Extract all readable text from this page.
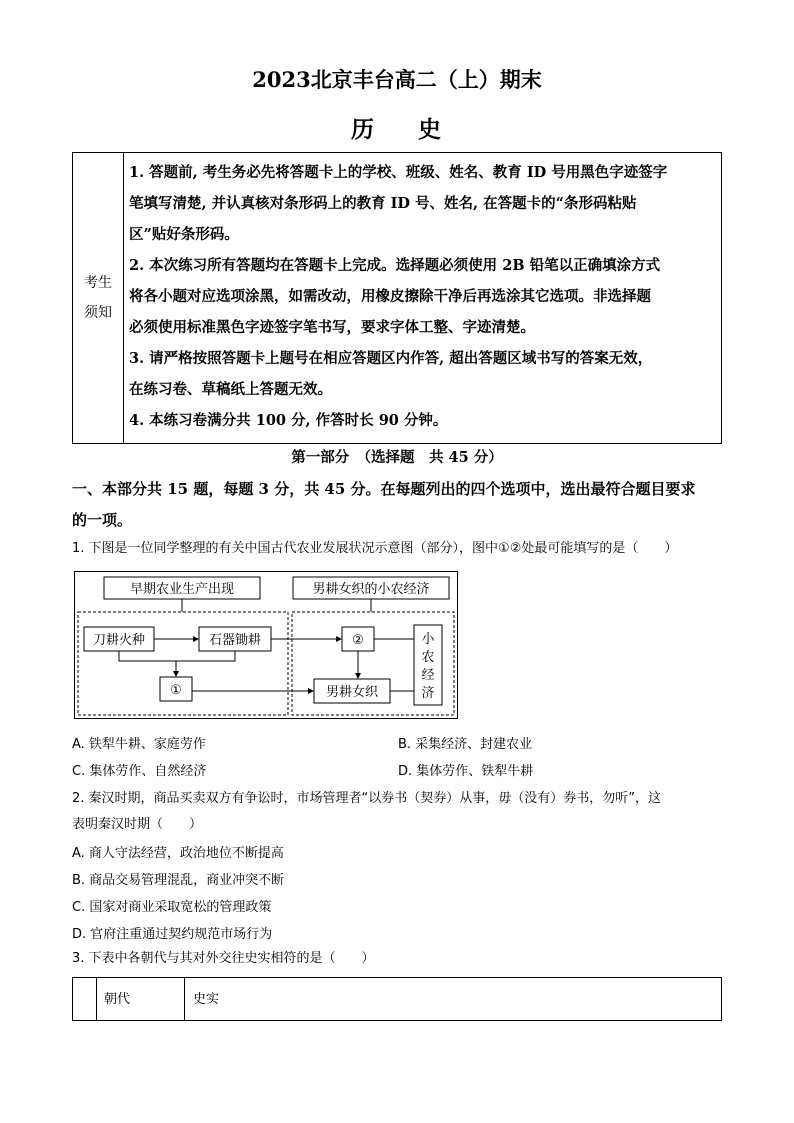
2023北京丰台高二（上）期末
历 史
考生
须知

1. 答题前, 考生务必先将答题卡上的学校、班级、姓名、教育 ID 号用黑色字迹签字

笔填写清楚, 并认真核对条形码上的教育 ID 号、姓名, 在答题卡的“条形码粘贴

区”贴好条形码。

2. 本次练习所有答题均在答题卡上完成。选择题必须使用 2B 铅笔以正确填涂方式

将各小题对应选项涂黑，如需改动，用橡皮擦除干净后再选涂其它选项。非选择题

必须使用标准黑色字迹签字笔书写，要求字体工整、字迹清楚。

3. 请严格按照答题卡上题号在相应答题区内作答, 超出答题区域书写的答案无效，

在练习卷、草稿纸上答题无效。

4. 本练习卷满分共 100 分, 作答时长 90 分钟。

第一部分　（选择题　共 45 分）
一、本部分共 15 题，每题 3 分，共 45 分。在每题列出的四个选项中，选出最符合题目要求
的一项。
1. 下图是一位同学整理的有关中国古代农业发展状况示意图（部分），图中①②处最可能填写的是（　　）
早期农业生产出现	男耕女织的小农经济
刀耕火种	石器锄耕
①
②
男耕女织
小
农
经
济
A. 铁犁牛耕、家庭劳作	B. 采集经济、封建农业
C. 集体劳作、自然经济	D. 集体劳作、铁犁牛耕
2. 秦汉时期，商品买卖双方有争讼时，市场管理者“以券书（契券）从事，毋（没有）券书，勿听”，这
表明秦汉时期（　　）
A. 商人守法经营，政治地位不断提高
B. 商品交易管理混乱，商业冲突不断
C. 国家对商业采取宽松的管理政策
D. 官府注重通过契约规范市场行为
3. 下表中各朝代与其对外交往史实相符的是（　　）
朝代	史实
